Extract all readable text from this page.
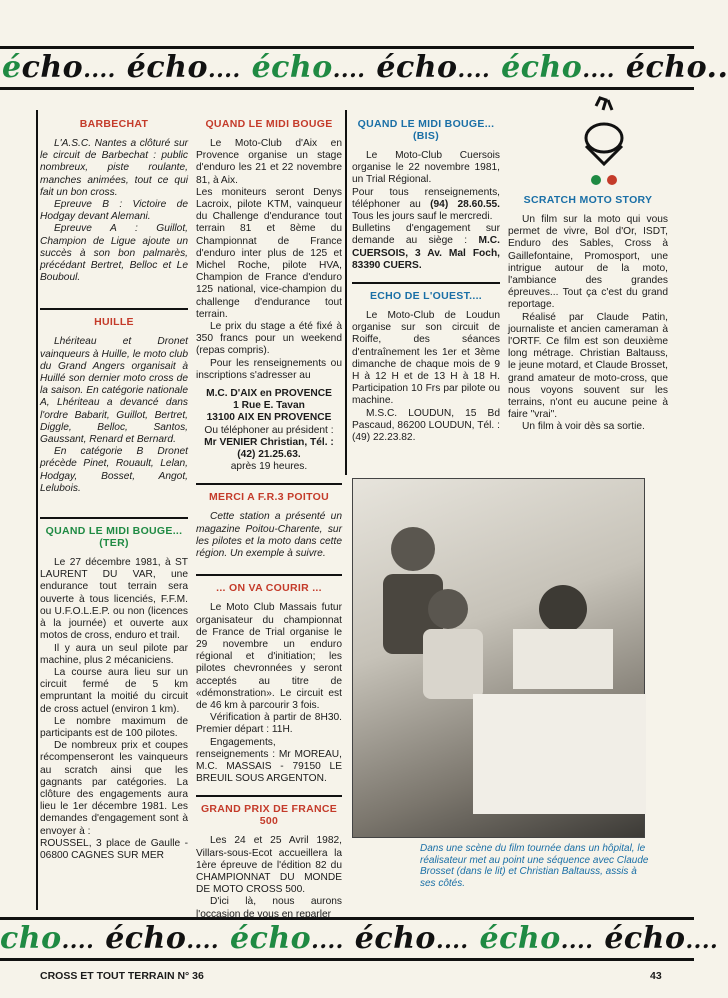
écho.... écho.... écho.... écho.... écho.... écho..
BARBECHAT

L'A.S.C. Nantes a clôturé sur le circuit de Barbechat : public nombreux, piste roulante, manches animées, tout ce qui fait un bon cross.

Epreuve B : Victoire de Hodgay devant Alemani.

Epreuve A : Guillot, Champion de Ligue ajoute un succès à son bon palmarès, précédant Bertret, Belloc et Le Bouboul.

HUILLE

Lhériteau et Dronet vainqueurs à Huille, le moto club du Grand Angers organisait à Huillé son dernier moto cross de la saison. En catégorie nationale A, Lhériteau a devancé dans l'ordre Babarit, Guillot, Bertret, Diggle, Belloc, Santos, Gaussant, Renard et Bernard.

En catégorie B Dronet précède Pinet, Rouault, Lelan, Hodgay, Bosset, Angot, Lelubois.

QUAND LE MIDI BOUGE... (TER)

Le 27 décembre 1981, à ST LAURENT DU VAR, une endurance tout terrain sera ouverte à tous licenciés, F.F.M. ou U.F.O.L.E.P. ou non (licences à la journée) et ouverte aux motos de cross, enduro et trail.

Il y aura un seul pilote par machine, plus 2 mécaniciens.

La course aura lieu sur un circuit fermé de 5 km empruntant la moitié du circuit de cross actuel (environ 1 km).

Le nombre maximum de participants est de 100 pilotes.

De nombreux prix et coupes récompenseront les vainqueurs au scratch ainsi que les gagnants par catégories. La clôture des engagements aura lieu le 1er décembre 1981. Les demandes d'engagement sont à envoyer à :

ROUSSEL, 3 place de Gaulle - 06800 CAGNES SUR MER

QUAND LE MIDI BOUGE

Le Moto-Club d'Aix en Provence organise un stage d'enduro les 21 et 22 novembre 81, à Aix.

Les moniteurs seront Denys Lacroix, pilote KTM, vainqueur du Challenge d'endurance tout terrain 81 et 8ème du Championnat de France d'enduro inter plus de 125 et Michel Roche, pilote HVA, Champion de France d'enduro 125 national, vice-champion du challenge d'endurance tout terrain.

Le prix du stage a été fixé à 350 francs pour un weekend (repas compris).

Pour les renseignements ou inscriptions s'adresser au

M.C. D'AIX en PROVENCE

1 Rue E. Tavan

13100 AIX EN PROVENCE

Ou téléphoner au président :

Mr VENIER Christian, Tél. : (42) 21.25.63.

après 19 heures.

MERCI A F.R.3 POITOU

Cette station a présenté un magazine Poitou-Charente, sur les pilotes et la moto dans cette région. Un exemple à suivre.

... ON VA COURIR ...

Le Moto Club Massais futur organisateur du championnat de France de Trial organise le 29 novembre un enduro régional et d'initiation; les pilotes chevronnées y seront acceptés au titre de «démonstration». Le circuit est de 46 km à parcourir 3 fois.

Vérification à partir de 8H30. Premier départ : 11H.

Engagements, renseignements : Mr MOREAU, M.C. MASSAIS - 79150 LE BREUIL SOUS ARGENTON.

GRAND PRIX DE FRANCE 500

Les 24 et 25 Avril 1982, Villars-sous-Ecot accueillera la 1ère épreuve de l'édition 82 du CHAMPIONNAT DU MONDE DE MOTO CROSS 500.

D'ici là, nous aurons l'occasion de vous en reparler

QUAND LE MIDI BOUGE... (BIS)

Le Moto-Club Cuersois organise le 22 novembre 1981, un Trial Régional.

Pour tous renseignements, téléphoner au (94) 28.60.55. Tous les jours sauf le mercredi.

Bulletins d'engagement sur demande au siège : M.C. CUERSOIS, 3 Av. Mal Foch, 83390 CUERS.

ECHO DE L'OUEST....

Le Moto-Club de Loudun organise sur son circuit de Roiffe, des séances d'entraînement les 1er et 3ème dimanche de chaque mois de 9 H à 12 H et de 13 H à 18 H. Participation 10 Frs par pilote ou machine.

M.S.C. LOUDUN, 15 Bd Pascaud, 86200 LOUDUN, Tél. : (49) 22.23.82.

SCRATCH MOTO STORY

Un film sur la moto qui vous permet de vivre, Bol d'Or, ISDT, Enduro des Sables, Cross à Gaillefontaine, Promosport, une intrigue autour de la moto, l'ambiance des grandes épreuves... Tout ça c'est du grand reportage.

Réalisé par Claude Patin, journaliste et ancien cameraman à l'ORTF. Ce film est son deuxième long métrage. Christian Baltauss, le jeune motard, et Claude Brosset, grand amateur de moto-cross, que nous voyons souvent sur les terrains, n'ont eu aucune peine à faire "vrai".

Un film à voir dès sa sortie.

Dans une scène du film tournée dans un hôpital, le réalisateur met au point une séquence avec Claude Brosset (dans le lit) et Christian Baltauss, assis à ses côtés.
cho.... écho.... écho.... écho.... écho.... écho....
CROSS ET TOUT TERRAIN N° 36	43
